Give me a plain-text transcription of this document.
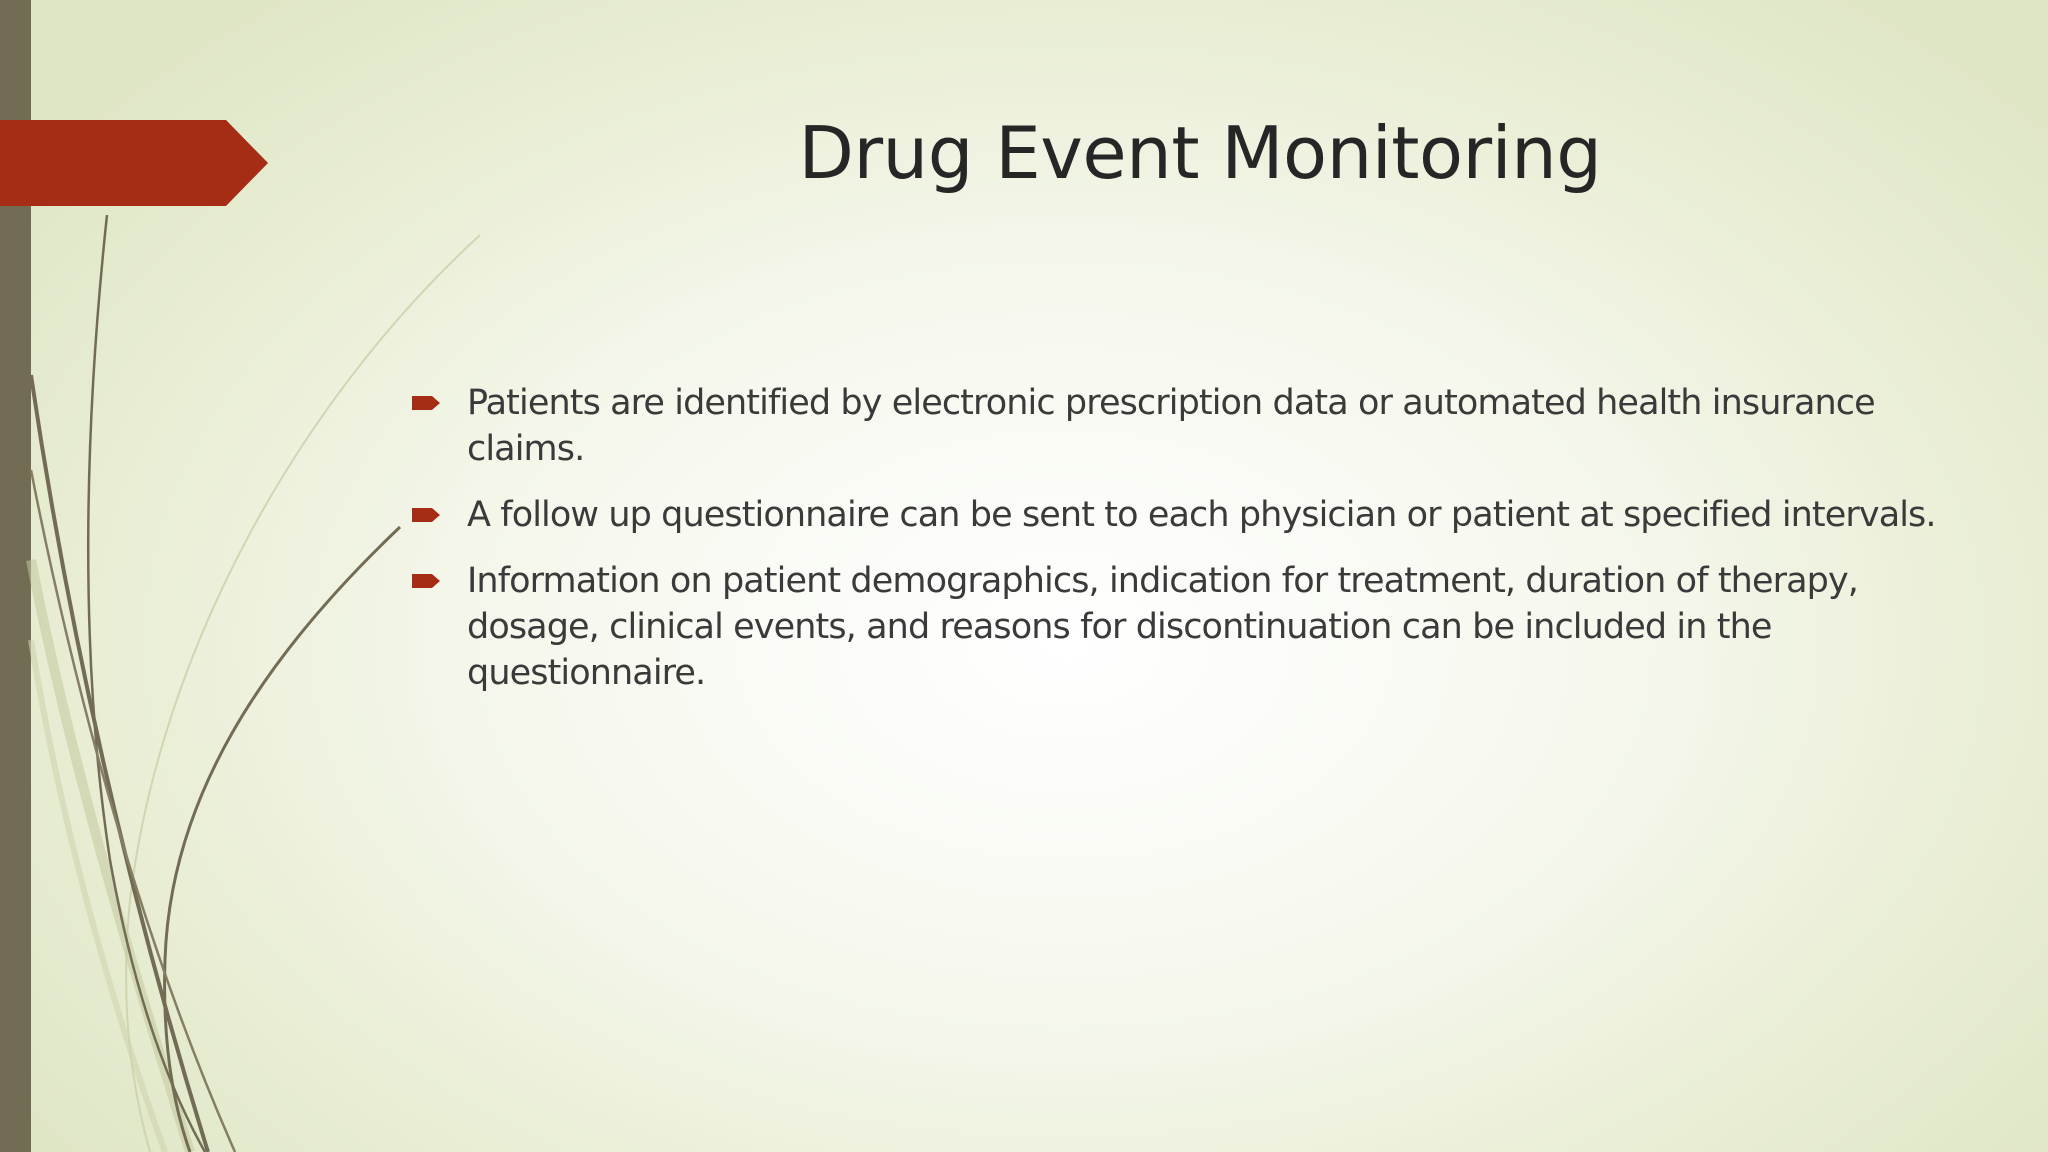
Drug Event Monitoring
Patients are identified by electronic prescription data or automated health insurance claims.
A follow up questionnaire can be sent to each physician or patient at specified intervals.
Information on patient demographics, indication for treatment, duration of therapy, dosage, clinical events, and reasons for discontinuation can be included in the questionnaire.
